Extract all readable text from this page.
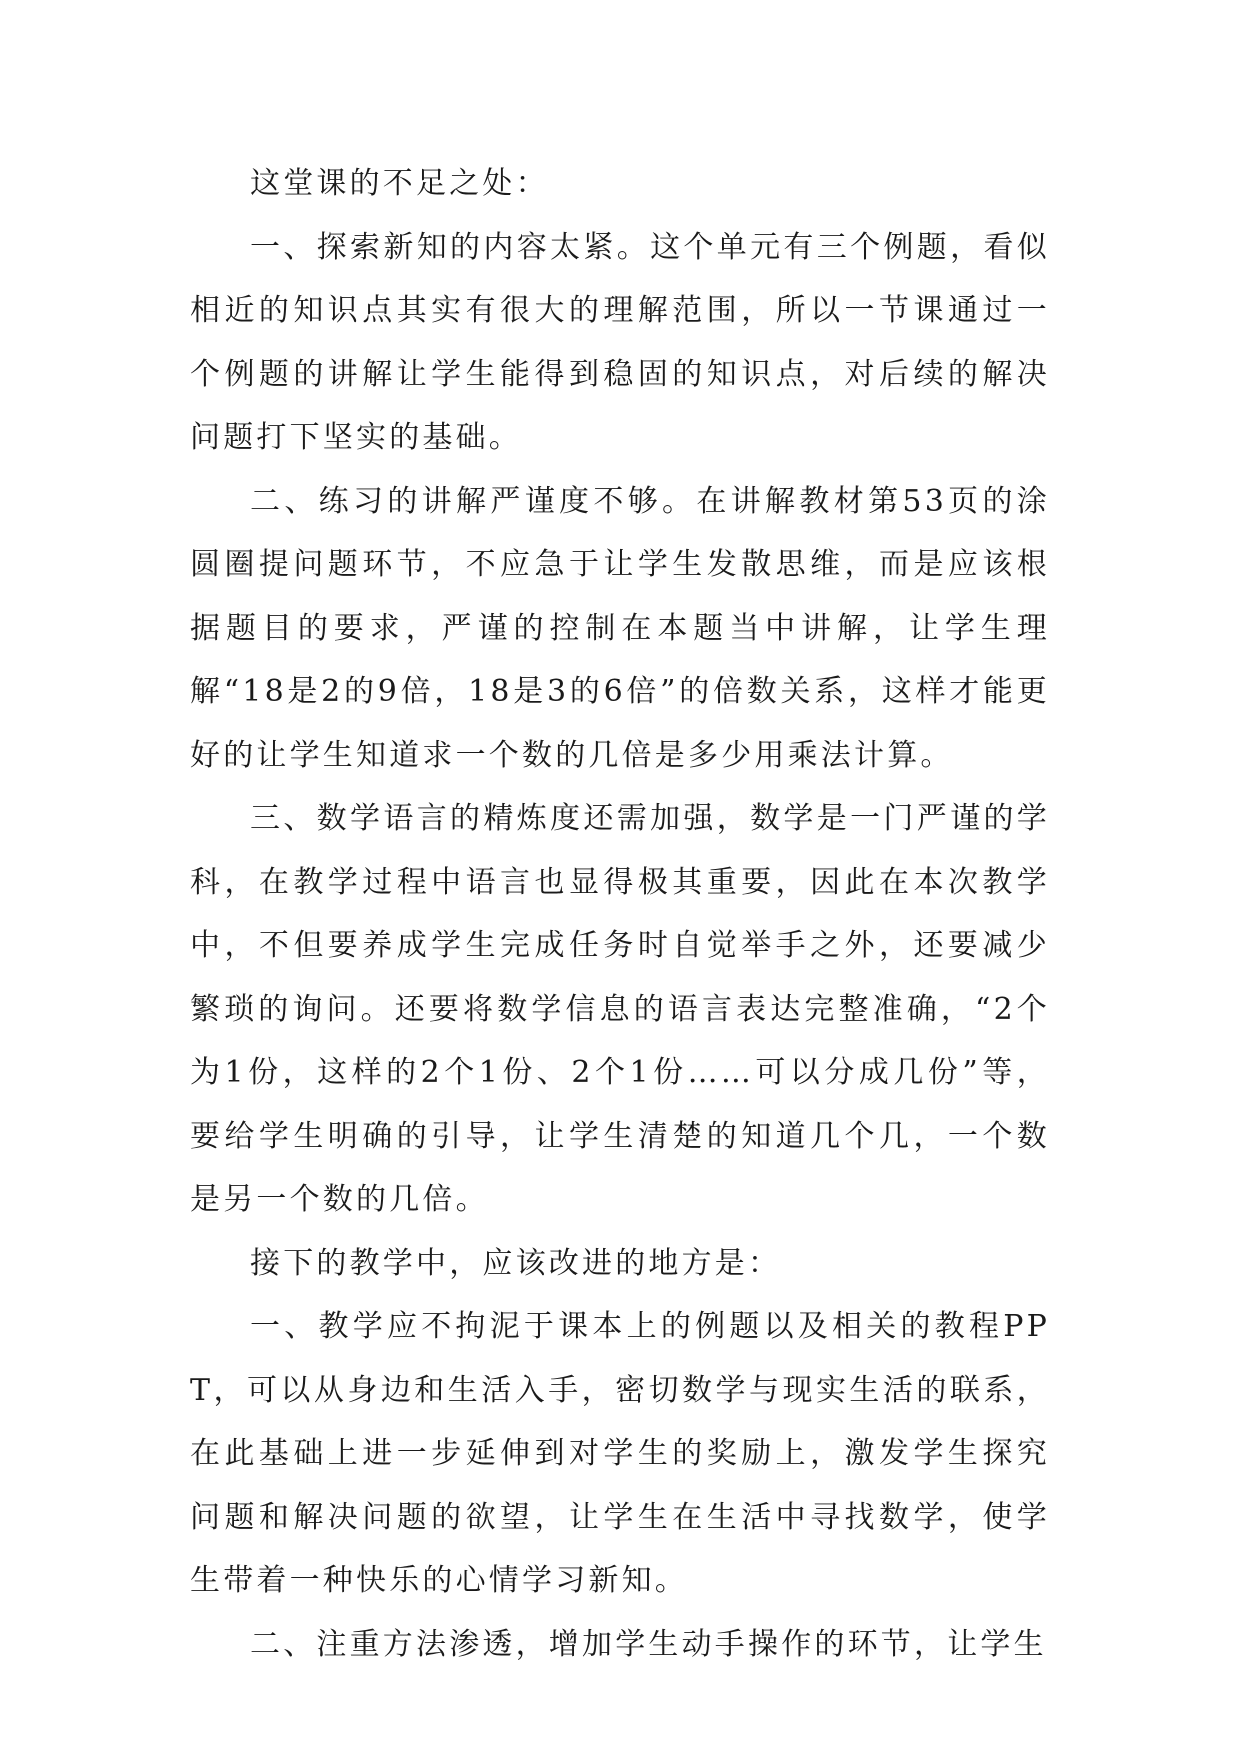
这堂课的不足之处：

一、探索新知的内容太紧。这个单元有三个例题，看似相近的知识点其实有很大的理解范围，所以一节课通过一个例题的讲解让学生能得到稳固的知识点，对后续的解决问题打下坚实的基础。

二、练习的讲解严谨度不够。在讲解教材第53页的涂圆圈提问题环节，不应急于让学生发散思维，而是应该根据题目的要求，严谨的控制在本题当中讲解，让学生理解“18是2的9倍，18是3的6倍”的倍数关系，这样才能更好的让学生知道求一个数的几倍是多少用乘法计算。

三、数学语言的精炼度还需加强，数学是一门严谨的学科，在教学过程中语言也显得极其重要，因此在本次教学中，不但要养成学生完成任务时自觉举手之外，还要减少繁琐的询问。还要将数学信息的语言表达完整准确，“2个为1份，这样的2个1份、2个1份……可以分成几份”等，要给学生明确的引导，让学生清楚的知道几个几，一个数是另一个数的几倍。

接下的教学中，应该改进的地方是：

一、教学应不拘泥于课本上的例题以及相关的教程PPT，可以从身边和生活入手，密切数学与现实生活的联系，在此基础上进一步延伸到对学生的奖励上，激发学生探究问题和解决问题的欲望，让学生在生活中寻找数学，使学生带着一种快乐的心情学习新知。

二、注重方法渗透，增加学生动手操作的环节，让学生
